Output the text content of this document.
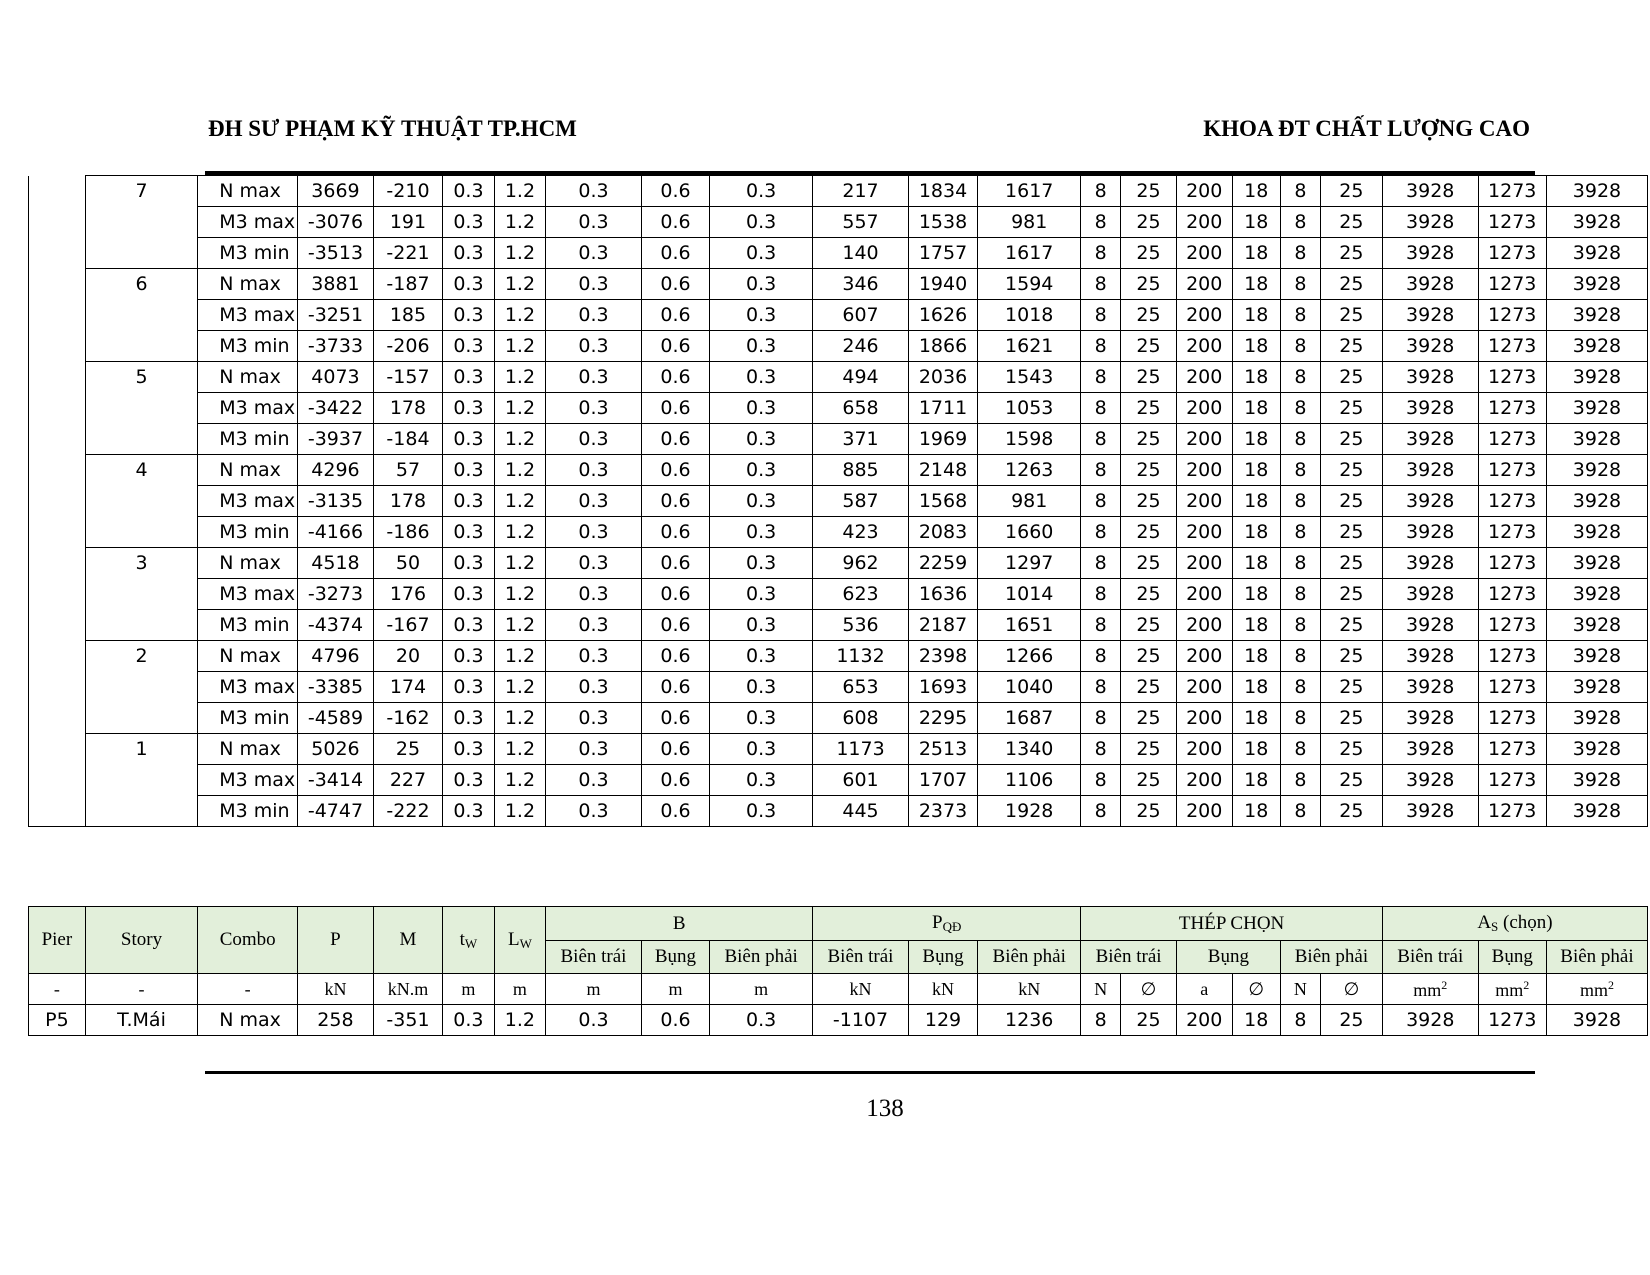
ĐH SƯ PHẠM KỸ THUẬT TP.HCM	KHOA ĐT CHẤT LƯỢNG CAO
	7	N max	3669	-210	0.3	1.2	0.3	0.6	0.3	217	1834	1617	8	25	200	18	8	25	3928	1273	3928
		M3 max	-3076	191	0.3	1.2	0.3	0.6	0.3	557	1538	981	8	25	200	18	8	25	3928	1273	3928
		M3 min	-3513	-221	0.3	1.2	0.3	0.6	0.3	140	1757	1617	8	25	200	18	8	25	3928	1273	3928
	6	N max	3881	-187	0.3	1.2	0.3	0.6	0.3	346	1940	1594	8	25	200	18	8	25	3928	1273	3928
		M3 max	-3251	185	0.3	1.2	0.3	0.6	0.3	607	1626	1018	8	25	200	18	8	25	3928	1273	3928
		M3 min	-3733	-206	0.3	1.2	0.3	0.6	0.3	246	1866	1621	8	25	200	18	8	25	3928	1273	3928
	5	N max	4073	-157	0.3	1.2	0.3	0.6	0.3	494	2036	1543	8	25	200	18	8	25	3928	1273	3928
		M3 max	-3422	178	0.3	1.2	0.3	0.6	0.3	658	1711	1053	8	25	200	18	8	25	3928	1273	3928
		M3 min	-3937	-184	0.3	1.2	0.3	0.6	0.3	371	1969	1598	8	25	200	18	8	25	3928	1273	3928
	4	N max	4296	57	0.3	1.2	0.3	0.6	0.3	885	2148	1263	8	25	200	18	8	25	3928	1273	3928
		M3 max	-3135	178	0.3	1.2	0.3	0.6	0.3	587	1568	981	8	25	200	18	8	25	3928	1273	3928
		M3 min	-4166	-186	0.3	1.2	0.3	0.6	0.3	423	2083	1660	8	25	200	18	8	25	3928	1273	3928
	3	N max	4518	50	0.3	1.2	0.3	0.6	0.3	962	2259	1297	8	25	200	18	8	25	3928	1273	3928
		M3 max	-3273	176	0.3	1.2	0.3	0.6	0.3	623	1636	1014	8	25	200	18	8	25	3928	1273	3928
		M3 min	-4374	-167	0.3	1.2	0.3	0.6	0.3	536	2187	1651	8	25	200	18	8	25	3928	1273	3928
	2	N max	4796	20	0.3	1.2	0.3	0.6	0.3	1132	2398	1266	8	25	200	18	8	25	3928	1273	3928
		M3 max	-3385	174	0.3	1.2	0.3	0.6	0.3	653	1693	1040	8	25	200	18	8	25	3928	1273	3928
		M3 min	-4589	-162	0.3	1.2	0.3	0.6	0.3	608	2295	1687	8	25	200	18	8	25	3928	1273	3928
	1	N max	5026	25	0.3	1.2	0.3	0.6	0.3	1173	2513	1340	8	25	200	18	8	25	3928	1273	3928
		M3 max	-3414	227	0.3	1.2	0.3	0.6	0.3	601	1707	1106	8	25	200	18	8	25	3928	1273	3928
		M3 min	-4747	-222	0.3	1.2	0.3	0.6	0.3	445	2373	1928	8	25	200	18	8	25	3928	1273	3928
Pier	Story	Combo	P	M	$t_W$	$L_W$	B			$P_{QĐ}$			THÉP CHỌN						$A_S$ (chọn)		
							Biên trái	Bụng	Biên phải	Biên trái	Bụng	Biên phải	Biên trái		Bụng		Biên phải		Biên trái	Bụng	Biên phải
-	-	-	kN	kN.m	m	m	m	m	m	kN	kN	kN	N	∅	a	∅	N	∅	$mm^2$	$mm^2$	$mm^2$
P5	T.Mái	N max	258	-351	0.3	1.2	0.3	0.6	0.3	-1107	129	1236	8	25	200	18	8	25	3928	1273	3928
138
